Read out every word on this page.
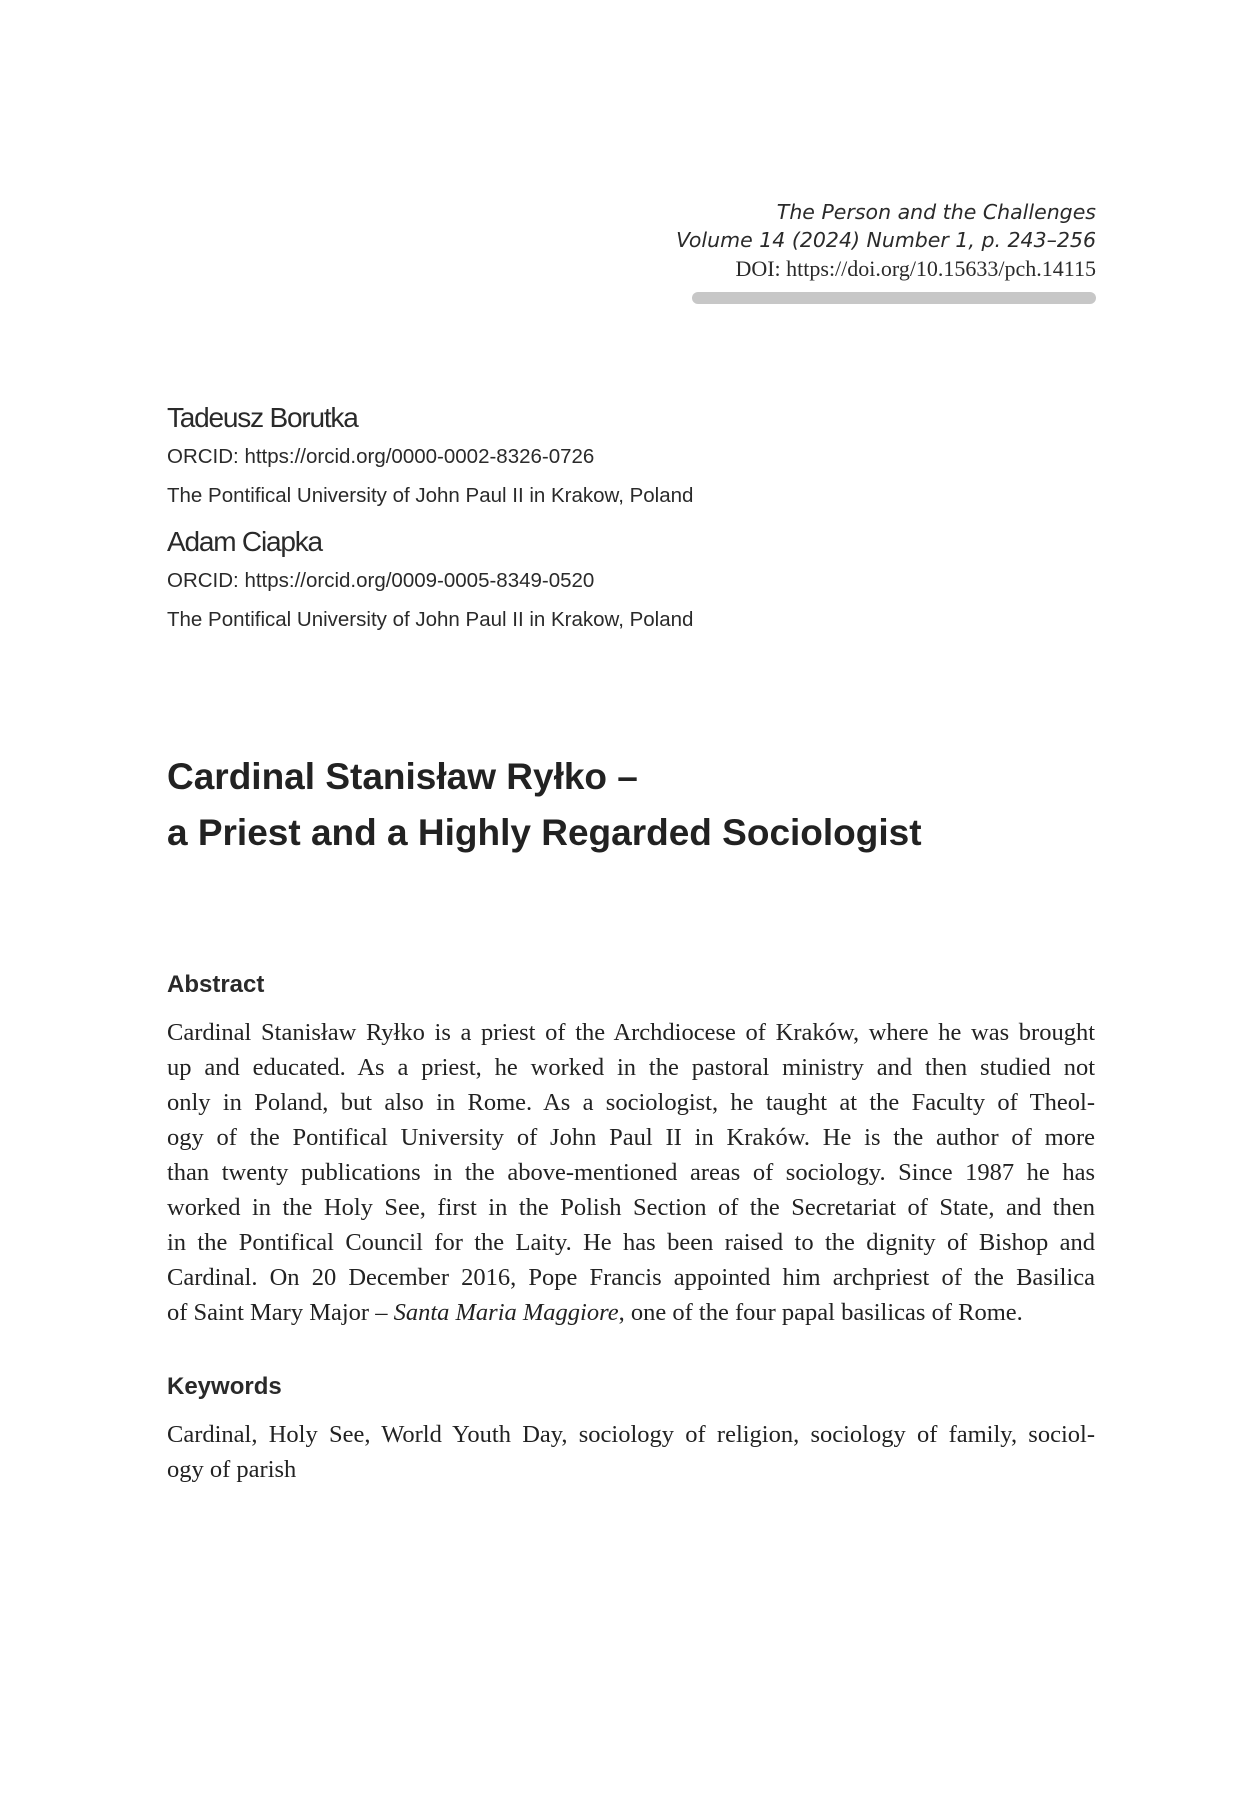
The Person and the Challenges
Volume 14 (2024) Number 1, p. 243–256
DOI: https://doi.org/10.15633/pch.14115
Tadeusz Borutka
ORCID: https://orcid.org/0000-0002-8326-0726
The Pontifical University of John Paul II in Krakow, Poland
Adam Ciapka
ORCID: https://orcid.org/0009-0005-8349-0520
The Pontifical University of John Paul II in Krakow, Poland
Cardinal Stanisław Ryłko –
a Priest and a Highly Regarded Sociologist
Abstract
Cardinal Stanisław Ryłko is a priest of the Archdiocese of Kraków, where he was brought
up and educated. As a priest, he worked in the pastoral ministry and then studied not
only in Poland, but also in Rome. As a sociologist, he taught at the Faculty of Theol-
ogy of the Pontifical University of John Paul II in Kraków. He is the author of more
than twenty publications in the above-mentioned areas of sociology. Since 1987 he has
worked in the Holy See, first in the Polish Section of the Secretariat of State, and then
in the Pontifical Council for the Laity. He has been raised to the dignity of Bishop and
Cardinal. On 20 December 2016, Pope Francis appointed him archpriest of the Basilica
of Saint Mary Major – Santa Maria Maggiore, one of the four papal basilicas of Rome.
Keywords
Cardinal, Holy See, World Youth Day, sociology of religion, sociology of family, sociol-
ogy of parish
